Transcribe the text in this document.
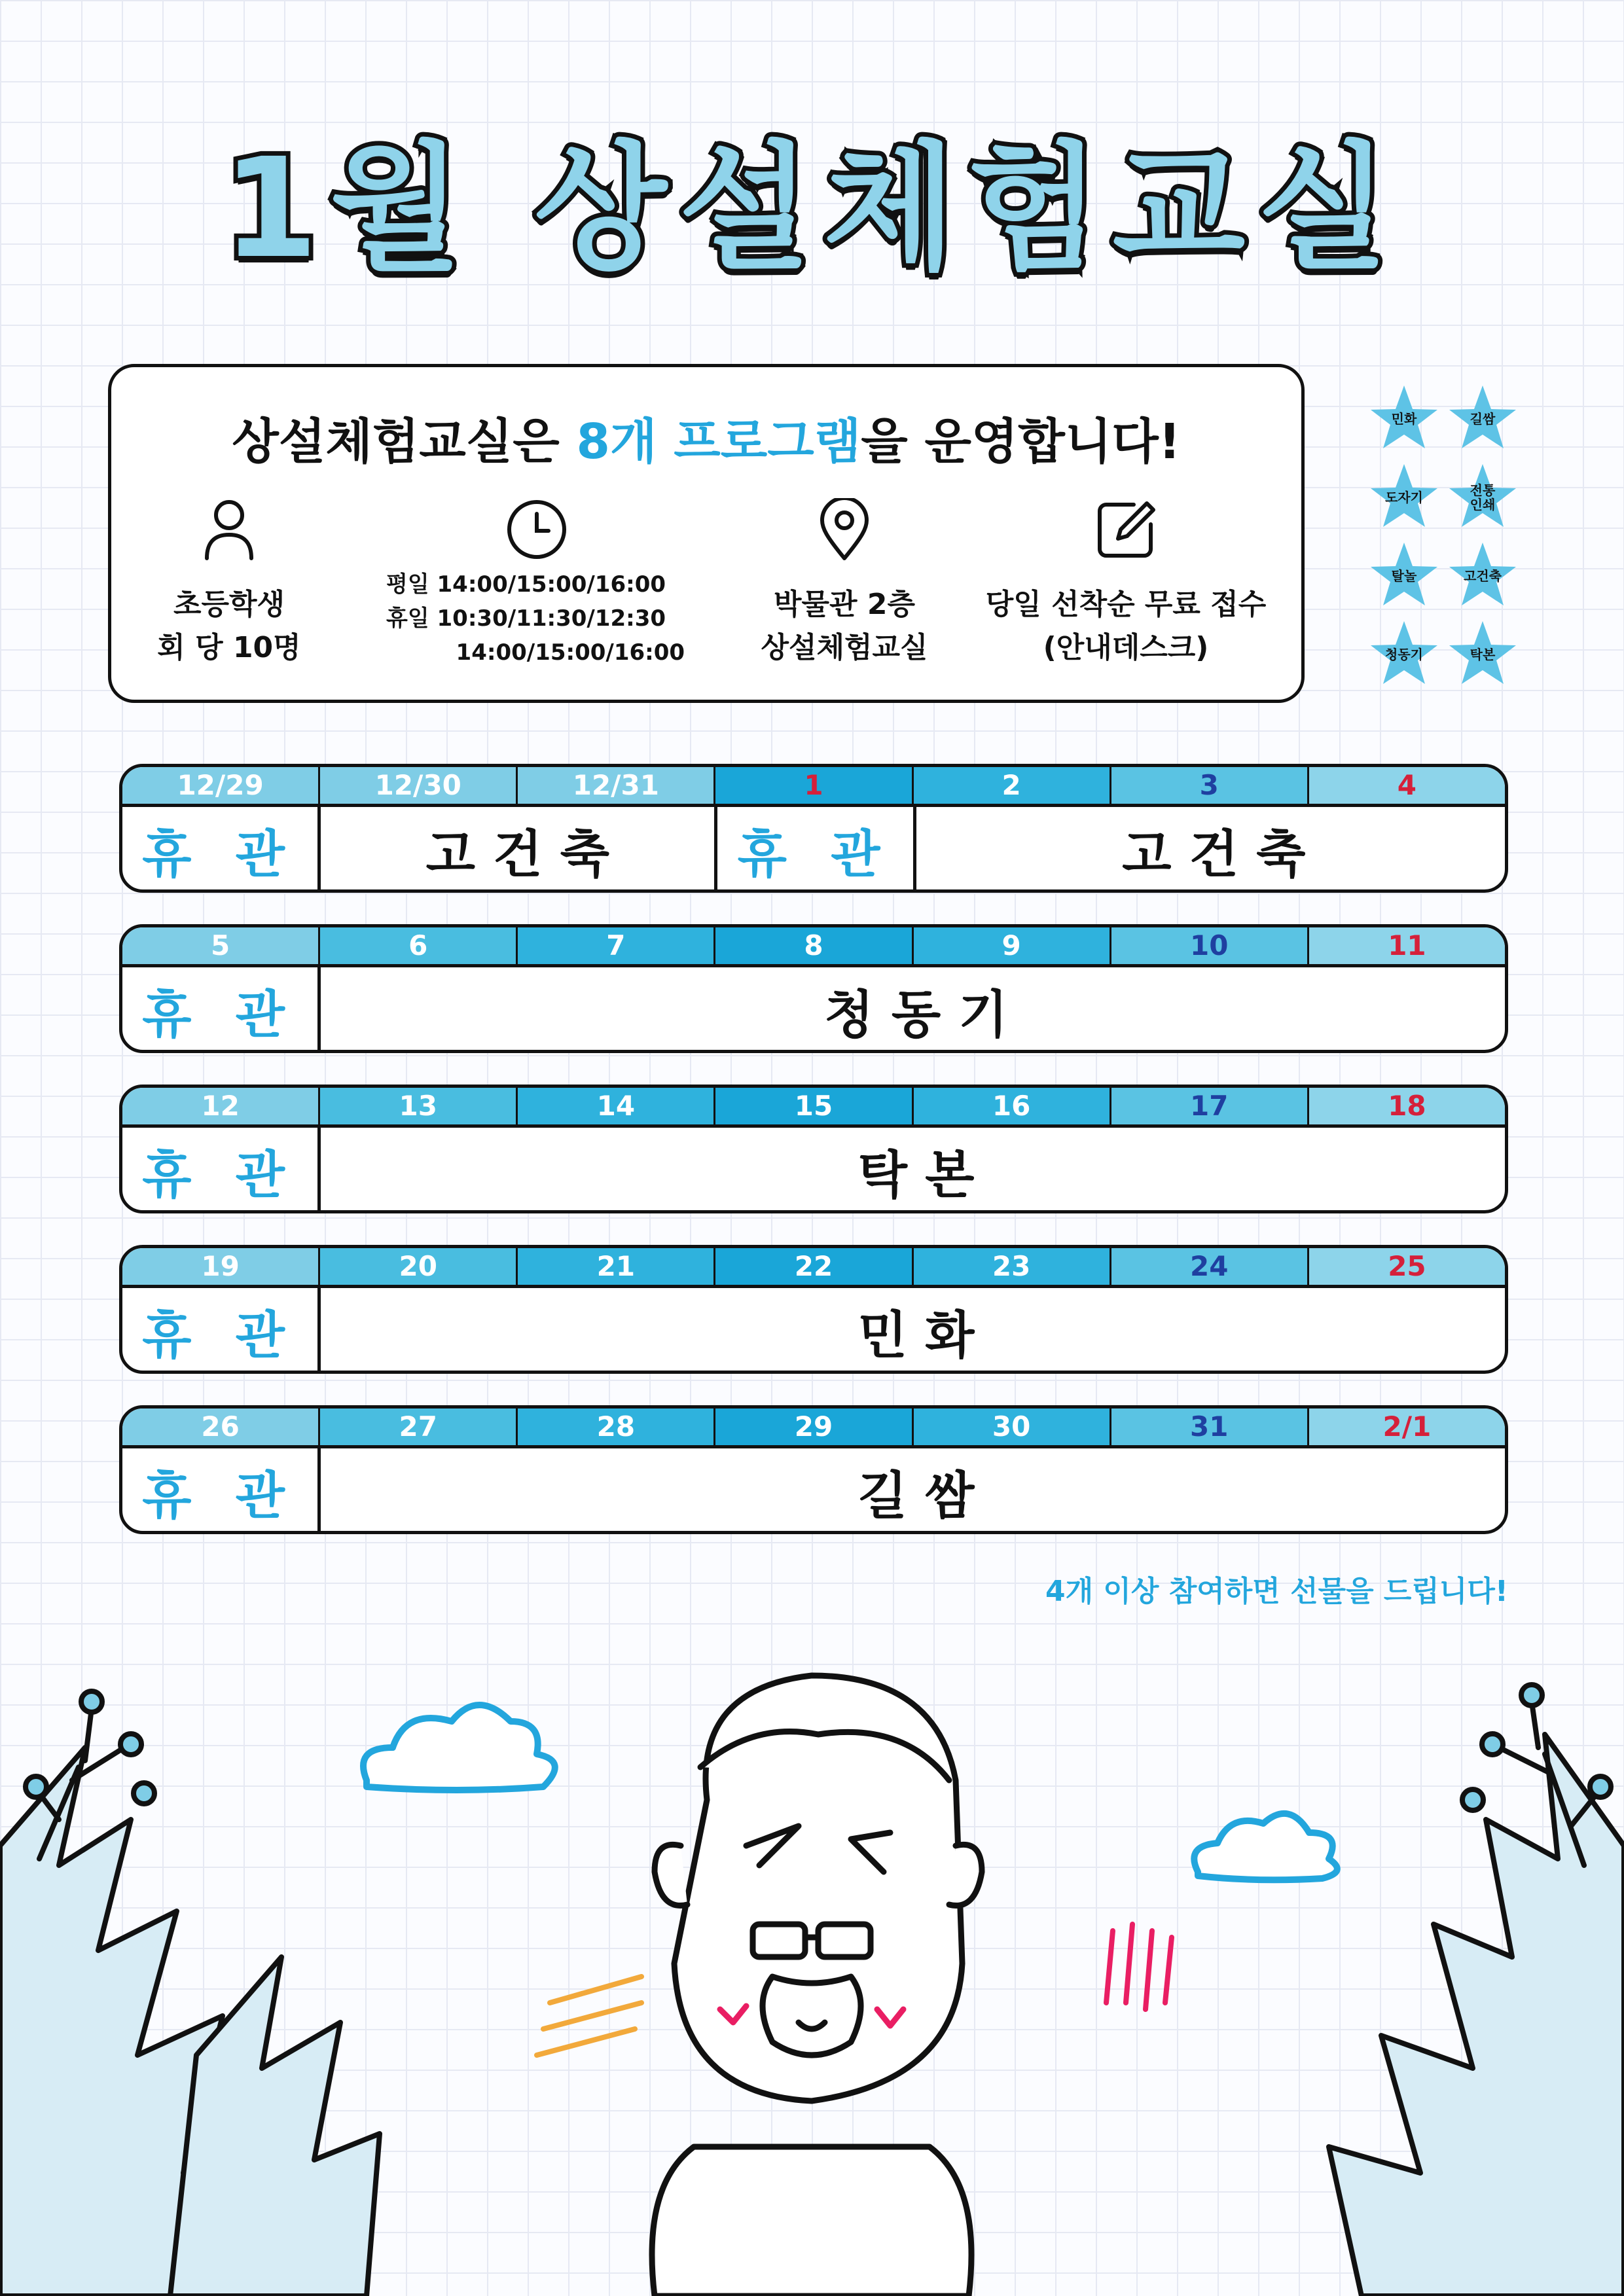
1월 상설체험교실
상설체험교실은 8개 프로그램을 운영합니다!
초등학생
회 당 10명
평일 14:00/15:00/16:00
휴일 10:30/11:30/12:30
14:00/15:00/16:00
박물관 2층
상설체험교실
당일 선착순 무료 접수
(안내데스크)
민화	길쌈
도자기	전통
인쇄
탈놀	고건축
청동기	탁본
12/29	12/30	12/31	1	2	3	4
휴 관	고 건 축	휴 관	고 건 축
5	6	7	8	9	10	11
휴 관	청 동 기
12	13	14	15	16	17	18
휴 관	탁 본
19	20	21	22	23	24	25
휴 관	민 화
26	27	28	29	30	31	2/1
휴 관	길 쌈
4개 이상 참여하면 선물을 드립니다!
